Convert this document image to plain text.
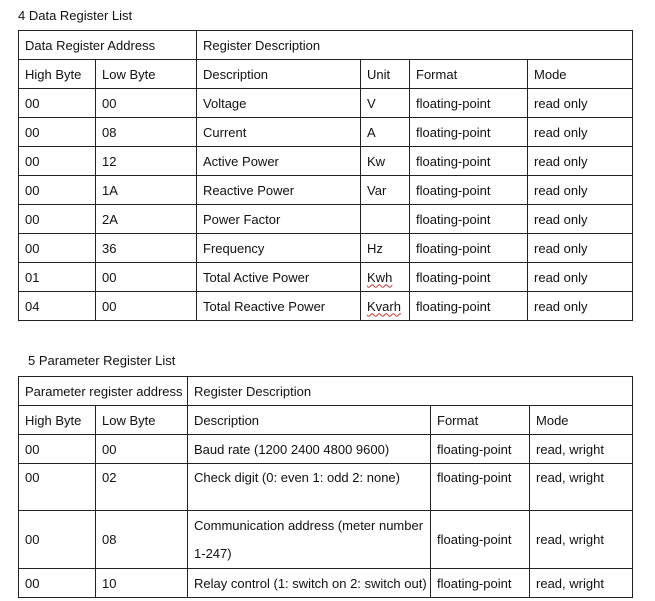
4 Data Register List
Data Register Address		Register Description			
High Byte	Low Byte	Description	Unit	Format	Mode
00	00	Voltage	V	floating-point	read only
00	08	Current	A	floating-point	read only
00	12	Active Power	Kw	floating-point	read only
00	1A	Reactive Power	Var	floating-point	read only
00	2A	Power Factor		floating-point	read only
00	36	Frequency	Hz	floating-point	read only
01	00	Total Active Power	Kwh	floating-point	read only
04	00	Total Reactive Power	Kvarh	floating-point	read only
5 Parameter Register List
Parameter register address		Register Description		
High Byte	Low Byte	Description	Format	Mode
00	00	Baud rate (1200 2400 4800 9600)	floating-point	read, wright
00	02	Check digit (0: even 1: odd 2: none)	floating-point	read, wright
00	08	Communication address (meter number 1-247)	floating-point	read, wright
00	10	Relay control (1: switch on 2: switch out)	floating-point	read, wright
